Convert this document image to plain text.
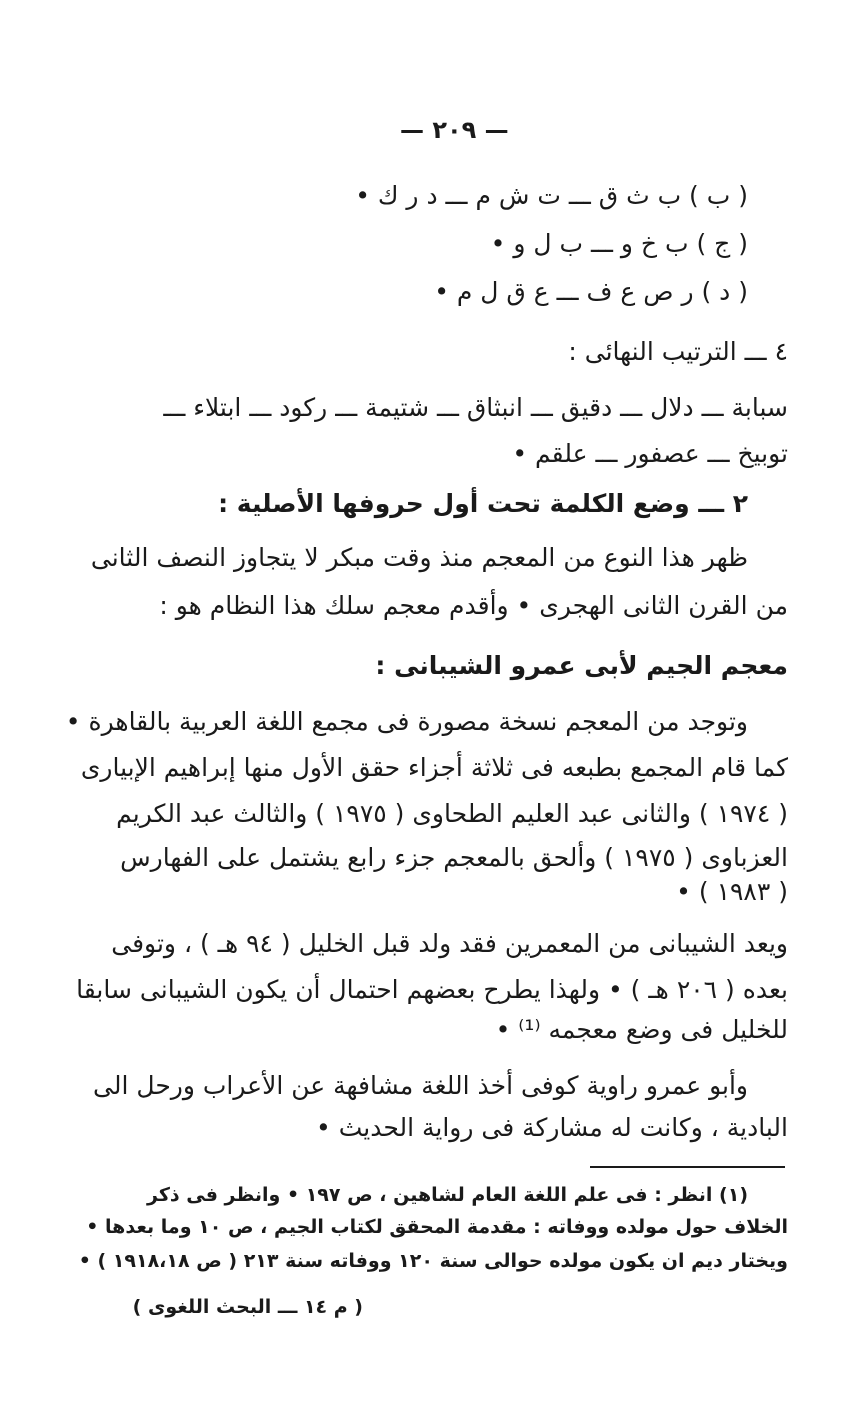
— ٢٠٩ —
( ب ) ب ث ق ـــ ت ش م ـــ د ر ك •
( ج ) ب خ و ـــ ب ل و •
( د ) ر ص ع ف ـــ ع ق ل م •
٤ ـــ الترتيب النهائى :
سبابة ـــ دلال ـــ دقيق ـــ انبثاق ـــ شتيمة ـــ ركود ـــ ابتلاء ـــ
توبيخ ـــ عصفور ـــ علقم •
٢ ـــ وضع الكلمة تحت أول حروفها الأصلية :
ظهر هذا النوع من المعجم منذ وقت مبكر لا يتجاوز النصف الثانى
من القرن الثانى الهجرى • وأقدم معجم سلك هذا النظام هو :
معجم الجيم لأبى عمرو الشيبانى :
وتوجد من المعجم نسخة مصورة فى مجمع اللغة العربية بالقاهرة •
كما قام المجمع بطبعه فى ثلاثة أجزاء حقق الأول منها إبراهيم الإبيارى
( ١٩٧٤ ) والثانى عبد العليم الطحاوى ( ١٩٧٥ ) والثالث عبد الكريم
العزباوى ( ١٩٧٥ ) وألحق بالمعجم جزء رابع يشتمل على الفهارس
( ١٩٨٣ ) •
ويعد الشيبانى من المعمرين فقد ولد قبل الخليل ( ٩٤ هـ ) ، وتوفى
بعده ( ٢٠٦ هـ ) • ولهذا يطرح بعضهم احتمال أن يكون الشيبانى سابقا
للخليل فى وضع معجمه ⁽¹⁾ •
وأبو عمرو راوية كوفى أخذ اللغة مشافهة عن الأعراب ورحل الى
البادية ، وكانت له مشاركة فى رواية الحديث •
(١) انظر : فى علم اللغة العام لشاهين ، ص ١٩٧ • وانظر فى ذكر
الخلاف حول مولده ووفاته : مقدمة المحقق لكتاب الجيم ، ص ١٠ وما بعدها •
ويختار ديم ان يكون مولده حوالى سنة ١٢٠ ووفاته سنة ٢١٣ ( ص ١٩١٨،١٨ ) •
( م ١٤ ـــ البحث اللغوى )
